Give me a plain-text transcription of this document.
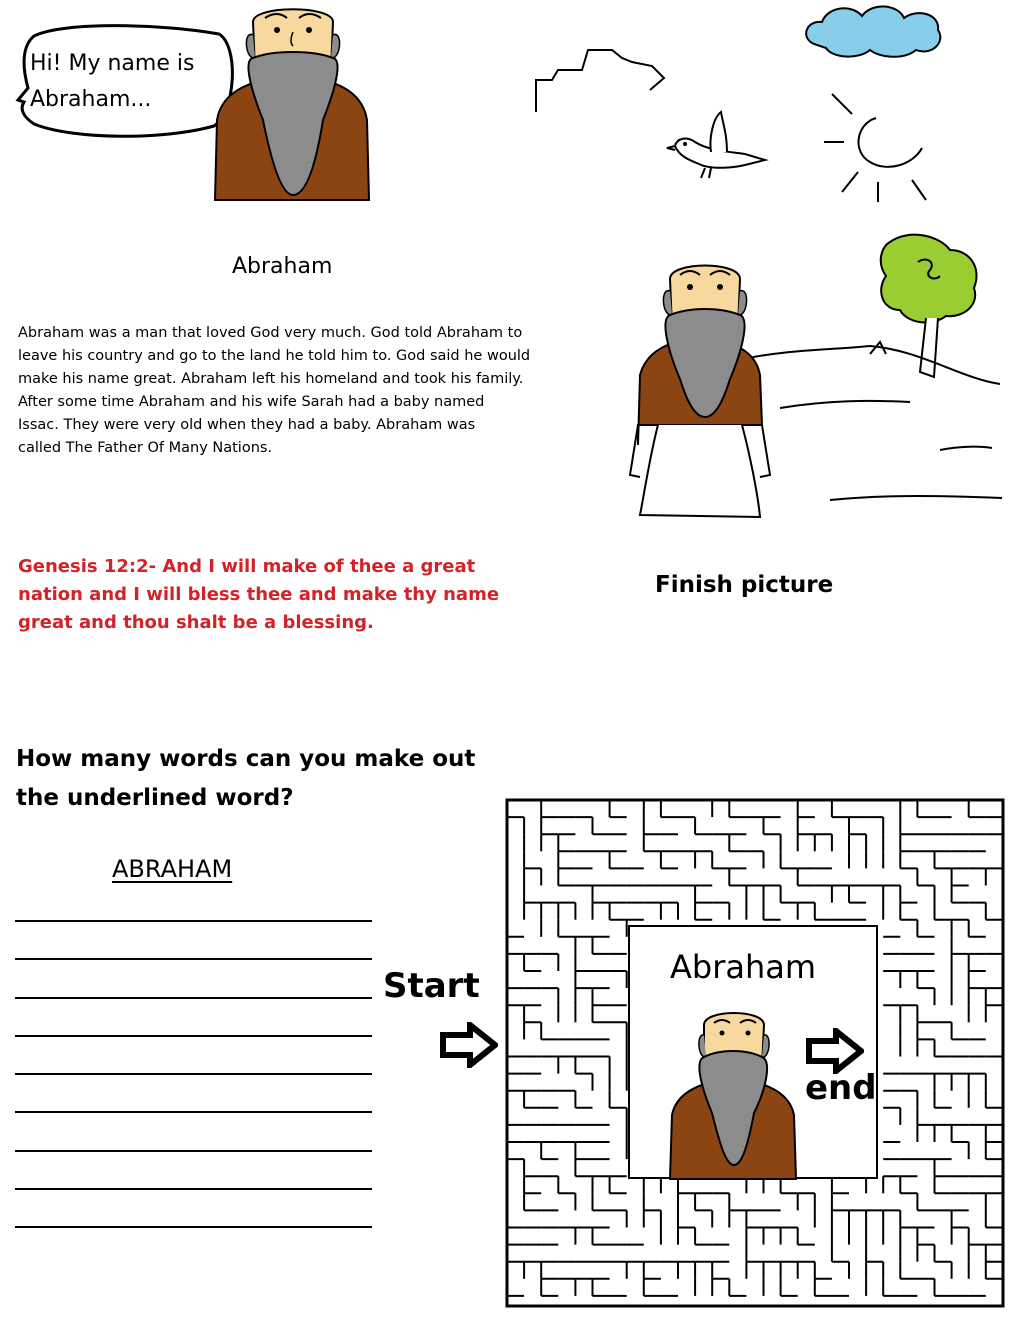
Hi! My name is
Abraham...
Abraham
Abraham was a man that loved God very much. God told Abraham to
leave his country and go to the land he told him to. God said he would
make his name great. Abraham left his homeland and took his family.
After some time Abraham and his wife Sarah had a baby named
Issac. They were very old when they had a baby. Abraham was
called The Father Of Many Nations.
Genesis 12:2- And I will make of thee a great
nation and I will bless thee and make thy name
great and thou shalt be a blessing.
Finish picture
How many words can you make out
the underlined word?
ABRAHAM
Start	Abraham
end
